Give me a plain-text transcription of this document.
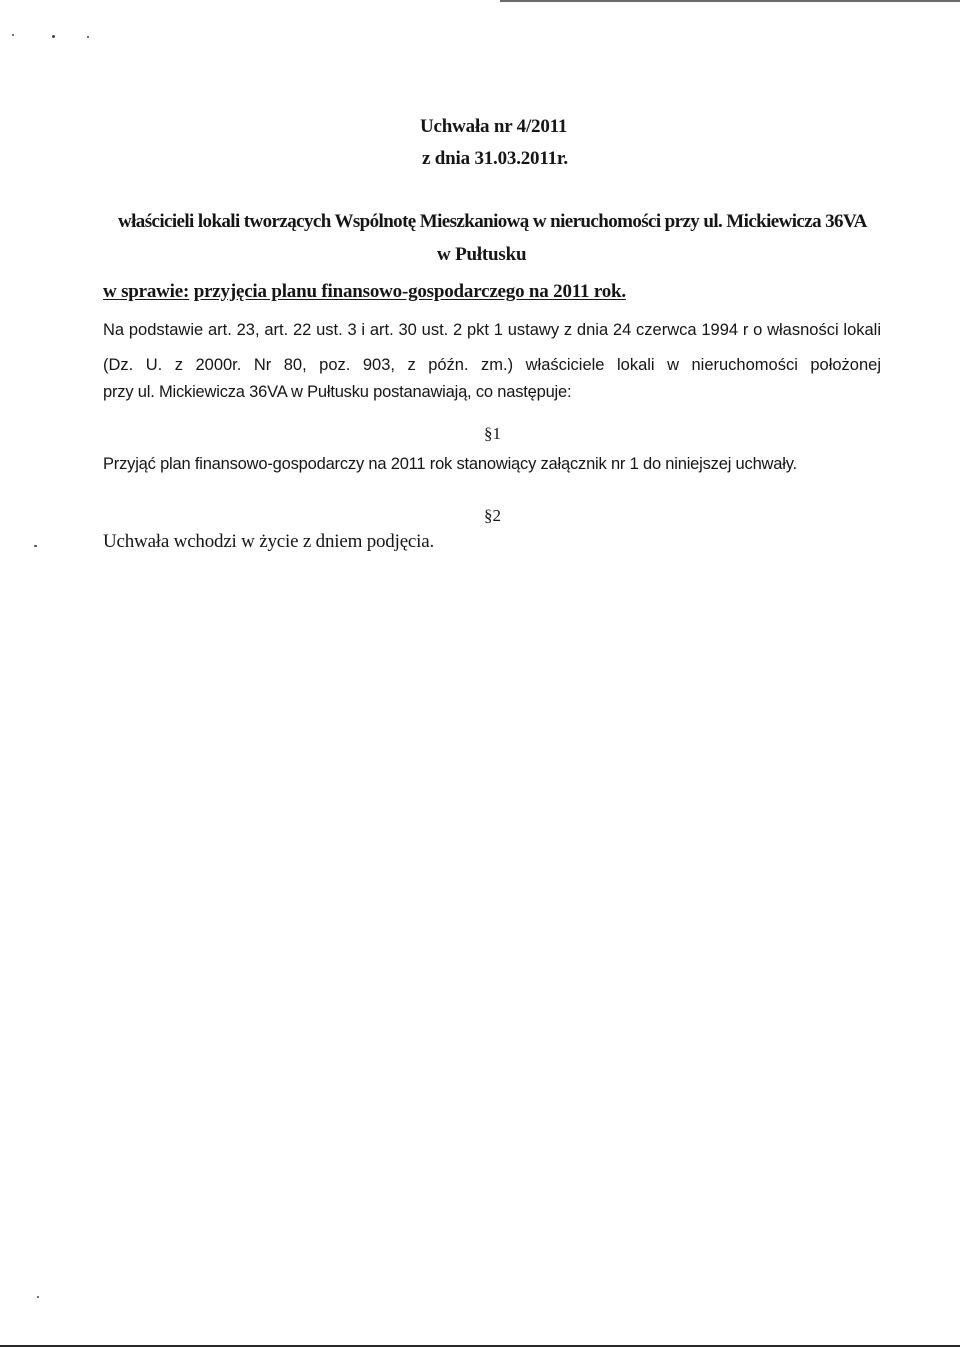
Uchwała nr 4/2011
z dnia 31.03.2011r.
właścicieli lokali tworzących Wspólnotę Mieszkaniową w nieruchomości przy ul. Mickiewicza 36VA
w Pułtusku
w sprawie: przyjęcia planu finansowo-gospodarczego na 2011 rok.
Na podstawie art. 23, art. 22 ust. 3 i art. 30 ust. 2 pkt 1 ustawy z dnia 24 czerwca 1994 r o własności lokali
(Dz. U. z 2000r. Nr 80, poz. 903, z późn. zm.) właściciele lokali w nieruchomości położonej
przy ul. Mickiewicza 36VA w Pułtusku postanawiają, co następuje:
§1
Przyjąć plan finansowo-gospodarczy na 2011 rok stanowiący załącznik nr 1 do niniejszej uchwały.
§2
Uchwała wchodzi w życie z dniem podjęcia.
